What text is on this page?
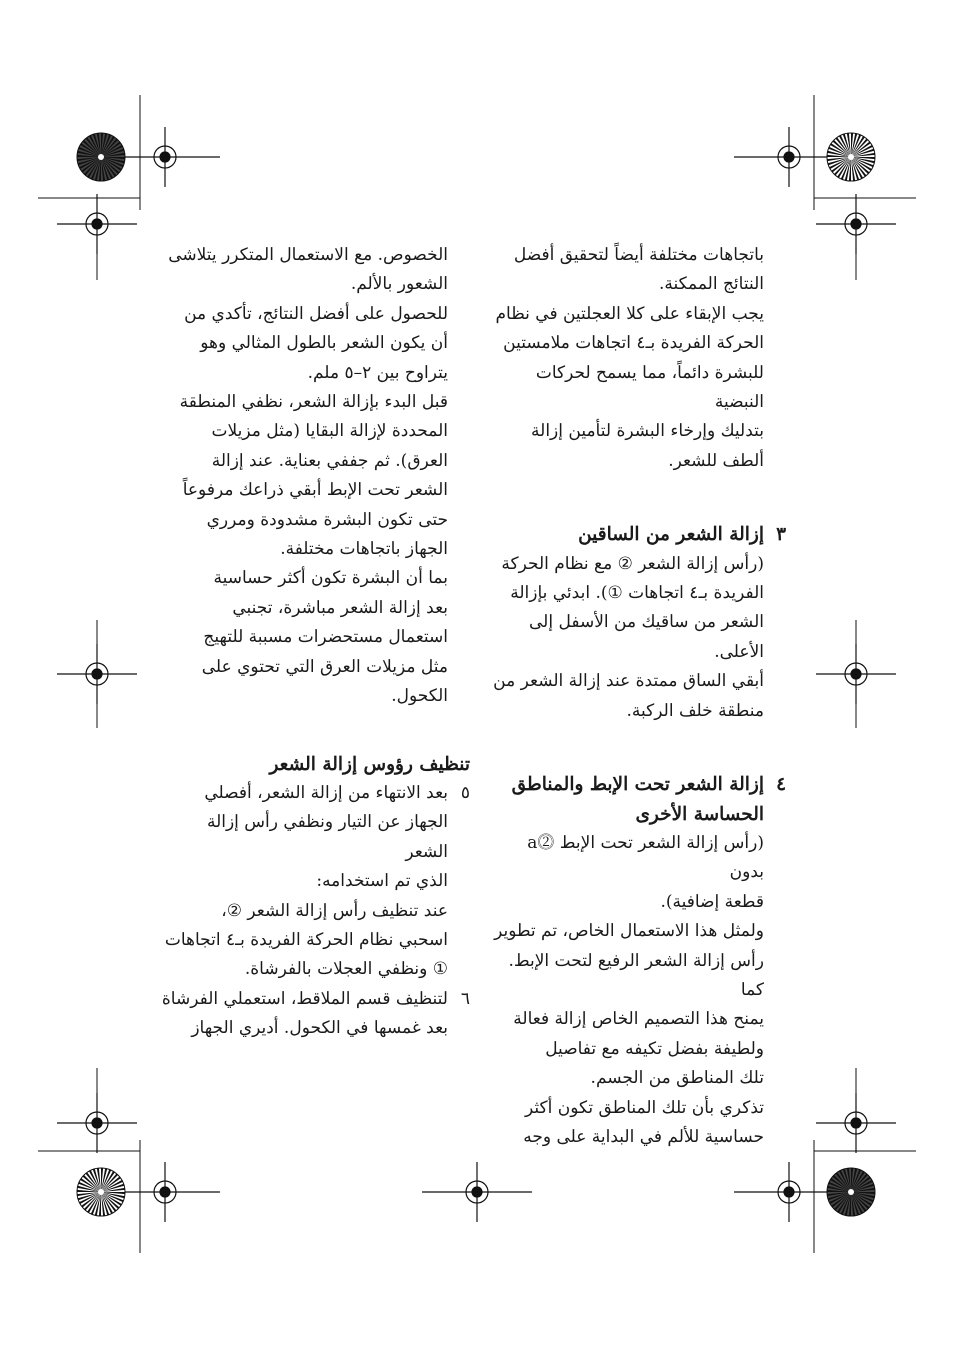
باتجاهات مختلفة أيضاً لتحقيق أفضل

النتائج الممكنة.

يجب الإبقاء على كلا العجلتين في نظام

الحركة الفريدة بـ٤ اتجاهات ملامستين

للبشرة دائماً، مما يسمح لحركات النبضية

بتدليك وإرخاء البشرة لتأمين إزالة

ألطف للشعر.

٣إزالة الشعر من الساقين

(رأس إزالة الشعر ② مع نظام الحركة

الفريدة بـ٤ اتجاهات ①). ابدئي بإزالة

الشعر من ساقيك من الأسفل إلى الأعلى.

أبقي الساق ممتدة عند إزالة الشعر من

منطقة خلف الركبة.

٤إزالة الشعر تحت الإبط والمناطق

الحساسة الأخرى

(رأس إزالة الشعر تحت الإبط ⓶a بدون

قطعة إضافية).

ولمثل هذا الاستعمال الخاص، تم تطوير

رأس إزالة الشعر الرفيع لتحت الإبط. كما

يمنح هذا التصميم الخاص إزالة فعالة

ولطيفة بفضل تكيفه مع تفاصيل

تلك المناطق من الجسم.

تذكري بأن تلك المناطق تكون أكثر

حساسية للألم في البداية على وجه

الخصوص. مع الاستعمال المتكرر يتلاشى

الشعور بالألم.

للحصول على أفضل النتائج، تأكدي من

أن يكون الشعر بالطول المثالي وهو

يتراوح بين ٢–٥ ملم.

قبل البدء بإزالة الشعر، نظفي المنطقة

المحددة لإزالة البقايا (مثل مزيلات

العرق). ثم جففي بعناية. عند إزالة

الشعر تحت الإبط أبقي ذراعك مرفوعاً

حتى تكون البشرة مشدودة ومرري

الجهاز باتجاهات مختلفة.

بما أن البشرة تكون أكثر حساسية

بعد إزالة الشعر مباشرة، تجنبي

استعمال مستحضرات مسببة للتهيج

مثل مزيلات العرق التي تحتوي على

الكحول.

تنظيف رؤوس إزالة الشعر

٥

بعد الانتهاء من إزالة الشعر، أفصلي

الجهاز عن التيار ونظفي رأس إزالة الشعر

الذي تم استخدامه:

عند تنظيف رأس إزالة الشعر ②،

اسحبي نظام الحركة الفريدة بـ٤ اتجاهات

① ونظفي العجلات بالفرشاة.

٦

لتنظيف قسم الملاقط، استعملي الفرشاة

بعد غمسها في الكحول. أديري الجهاز
